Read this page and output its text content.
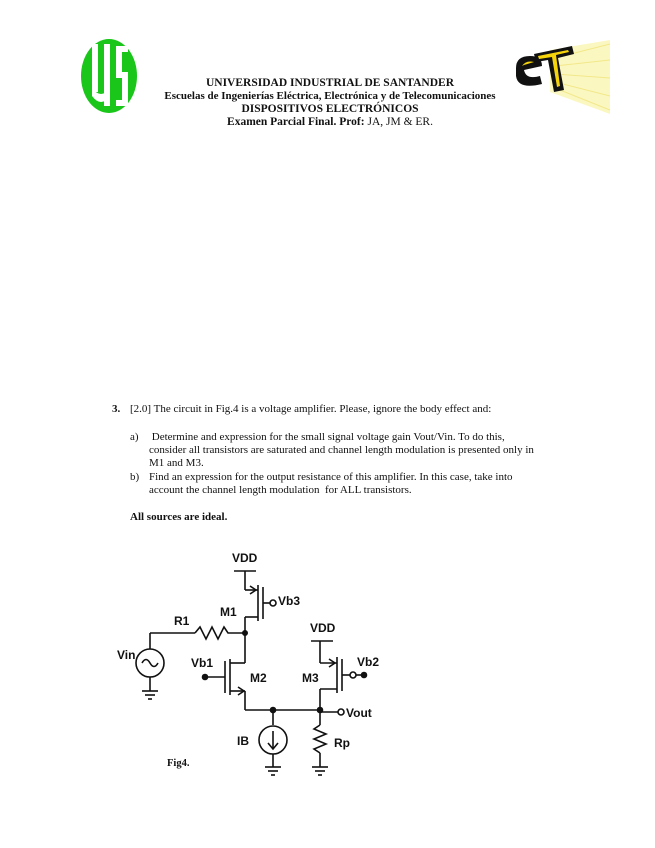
UNIVERSIDAD INDUSTRIAL DE SANTANDER
Escuelas de Ingenierías Eléctrica, Electrónica y de Telecomunicaciones
DISPOSITIVOS ELECTRÓNICOS
Examen Parcial Final. Prof: JA, JM & ER.
3. [2.0] The circuit in Fig.4 is a voltage amplifier. Please, ignore the body effect and:
a) Determine and expression for the small signal voltage gain Vout/Vin. To do this,
consider all transistors are saturated and channel length modulation is presented only in
M1 and M3.
b) Find an expression for the output resistance of this amplifier. In this case, take into
account the channel length modulation  for ALL transistors.
All sources are ideal.
VDD
Vb3
M1
R1
Vin
Vb1
M2
IB
VDD
Vb2
M3
Vout
Rp
Fig4.
